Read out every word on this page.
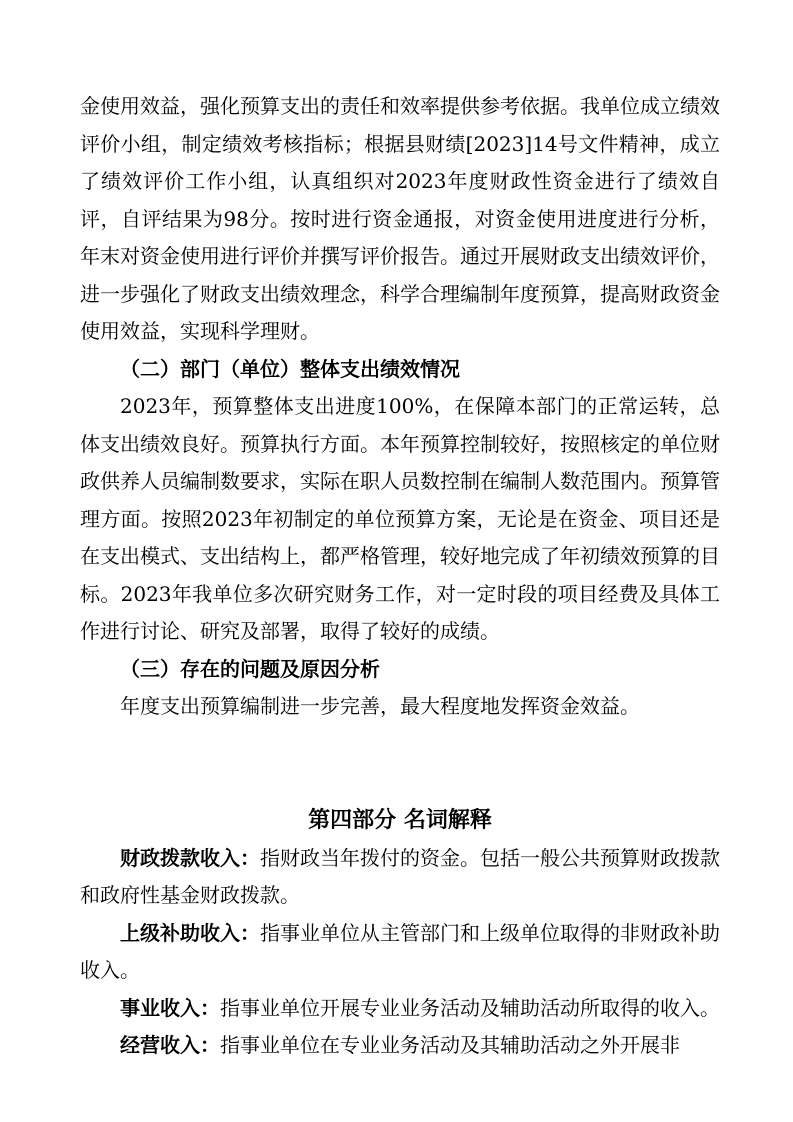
金使用效益，强化预算支出的责任和效率提供参考依据。我单位成立绩效评价小组，制定绩效考核指标；根据县财绩[2023]14号文件精神，成立了绩效评价工作小组，认真组织对2023年度财政性资金进行了绩效自评，自评结果为98分。按时进行资金通报，对资金使用进度进行分析，年末对资金使用进行评价并撰写评价报告。通过开展财政支出绩效评价，进一步强化了财政支出绩效理念，科学合理编制年度预算，提高财政资金使用效益，实现科学理财。

（二）部门（单位）整体支出绩效情况

2023年，预算整体支出进度100%，在保障本部门的正常运转，总体支出绩效良好。预算执行方面。本年预算控制较好，按照核定的单位财政供养人员编制数要求，实际在职人员数控制在编制人数范围内。预算管理方面。按照2023年初制定的单位预算方案，无论是在资金、项目还是在支出模式、支出结构上，都严格管理，较好地完成了年初绩效预算的目标。2023年我单位多次研究财务工作，对一定时段的项目经费及具体工作进行讨论、研究及部署，取得了较好的成绩。

（三）存在的问题及原因分析

年度支出预算编制进一步完善，最大程度地发挥资金效益。

第四部分 名词解释

财政拨款收入：指财政当年拨付的资金。包括一般公共预算财政拨款和政府性基金财政拨款。

上级补助收入：指事业单位从主管部门和上级单位取得的非财政补助收入。

事业收入：指事业单位开展专业业务活动及辅助活动所取得的收入。

经营收入：指事业单位在专业业务活动及其辅助活动之外开展非
